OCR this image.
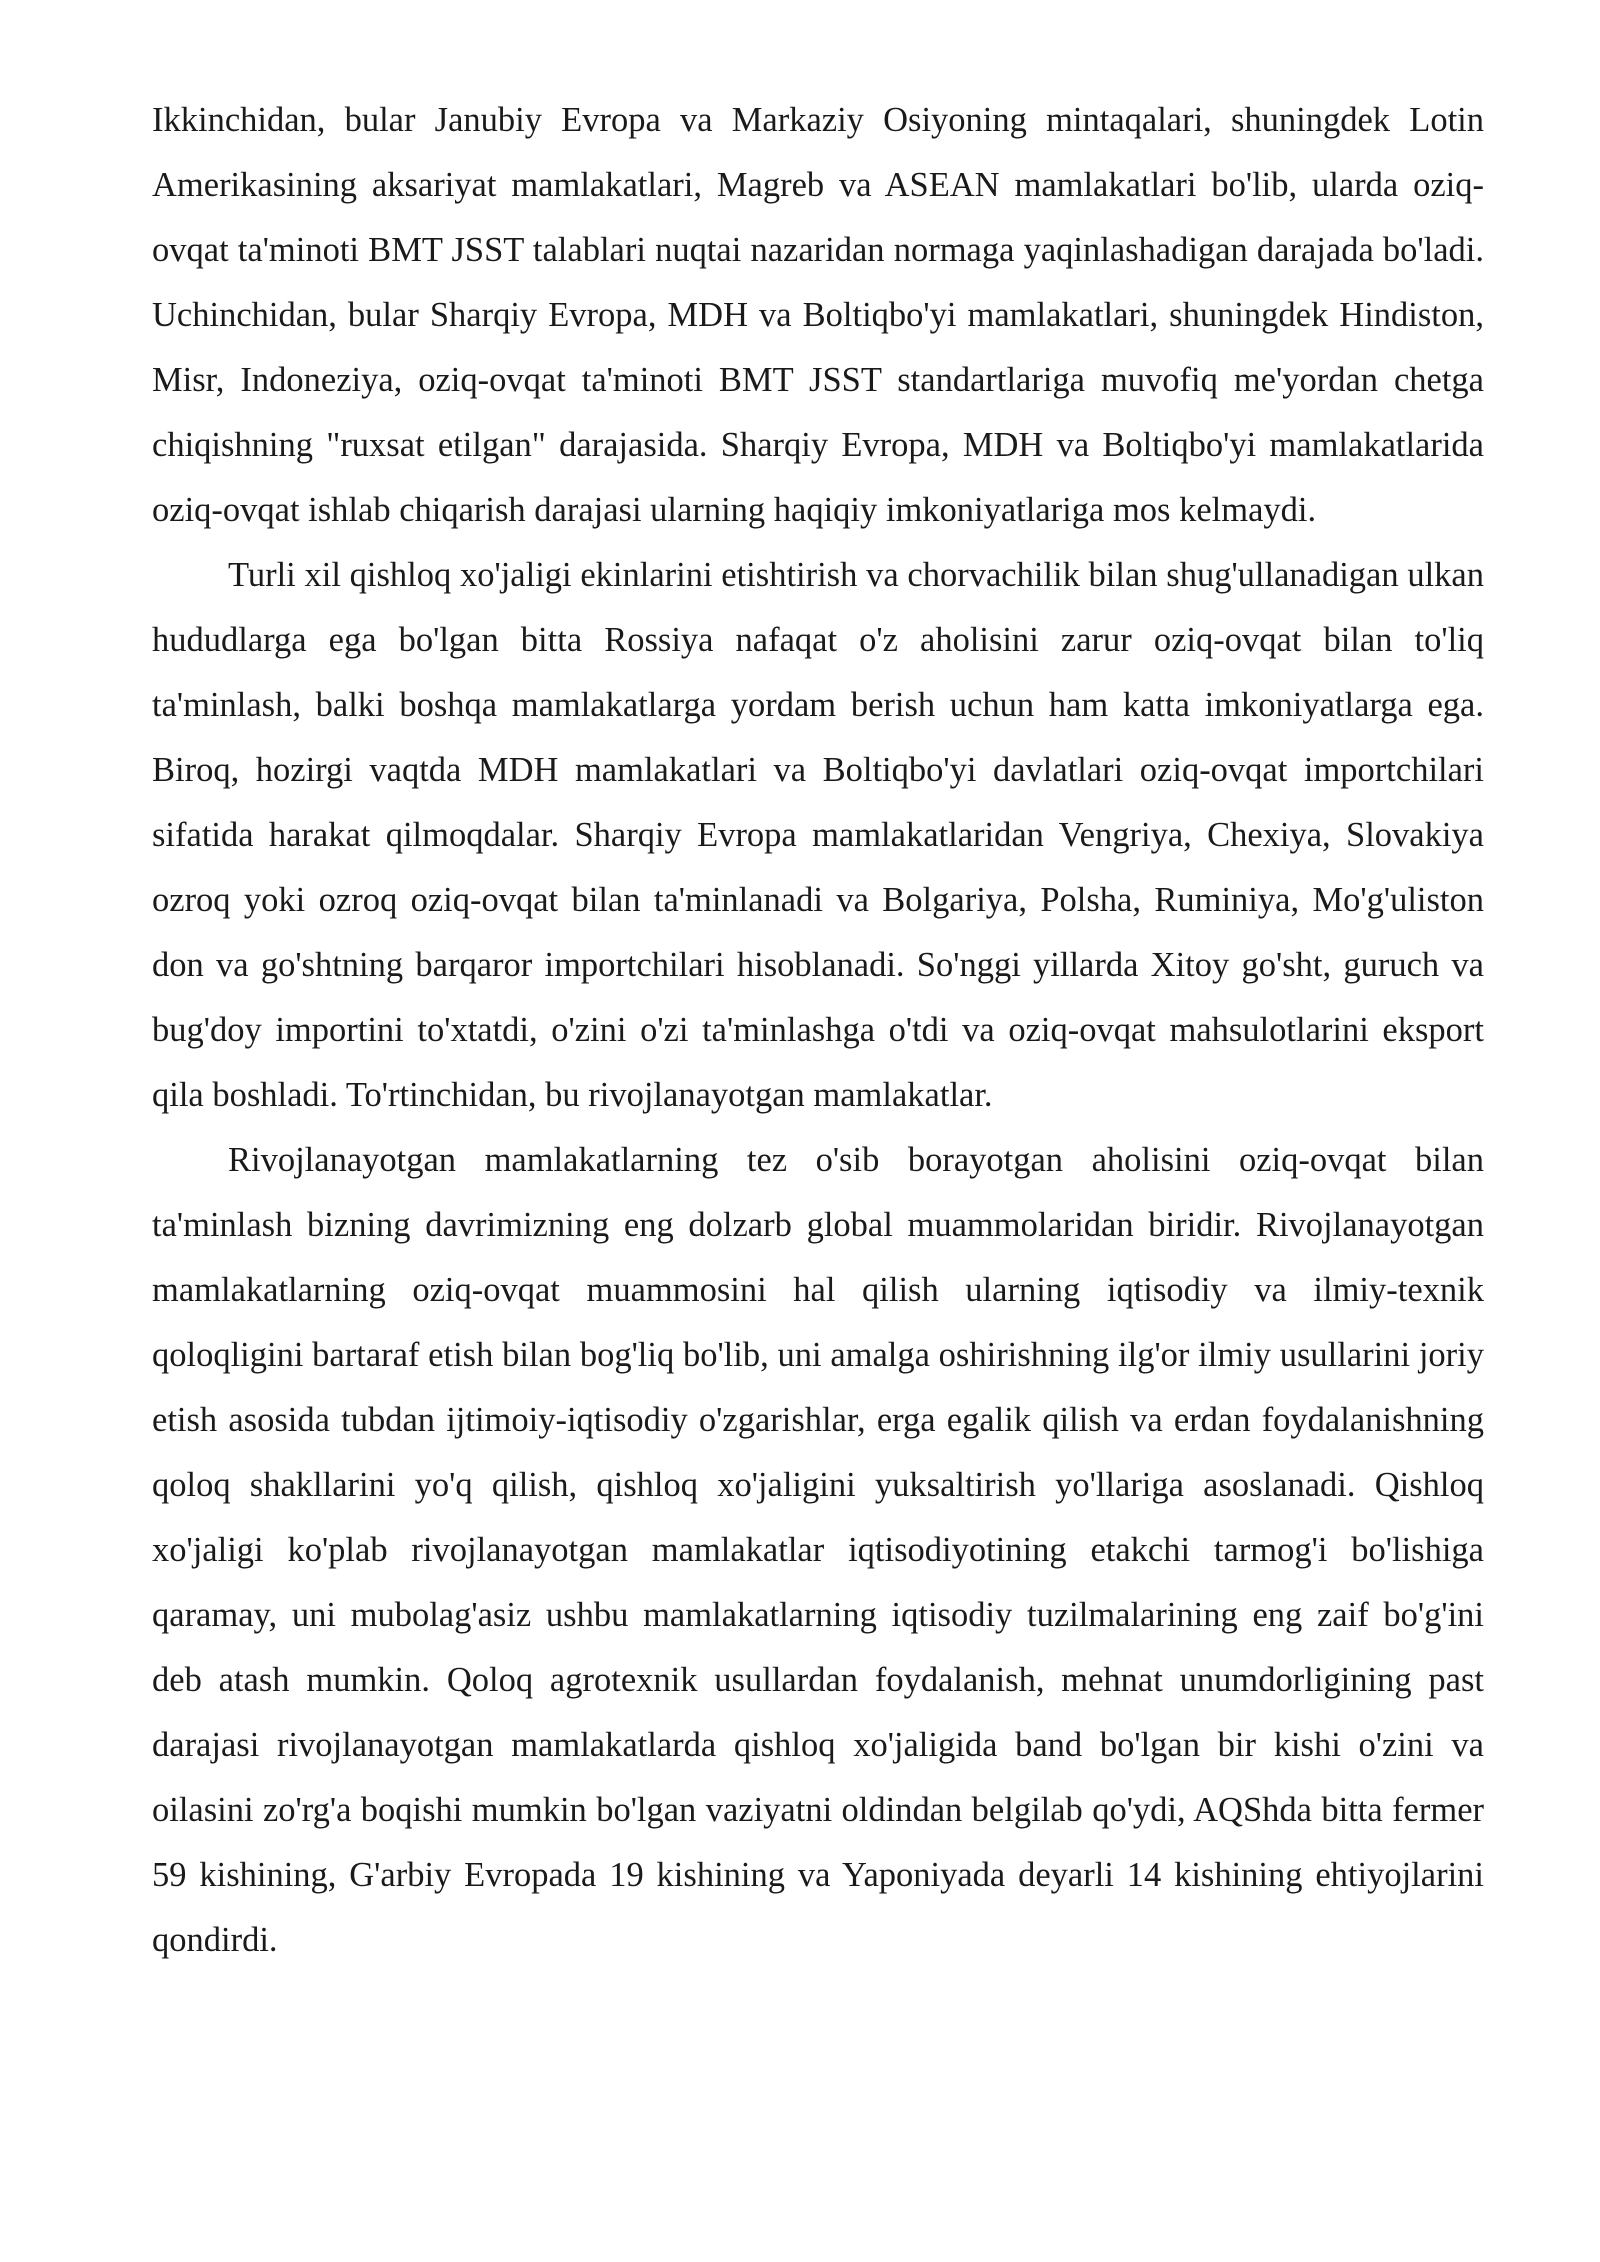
Ikkinchidan, bular Janubiy Evropa va Markaziy Osiyoning mintaqalari, shuningdek Lotin Amerikasining aksariyat mamlakatlari, Magreb va ASEAN mamlakatlari bo'lib, ularda oziq-ovqat ta'minoti BMT JSST talablari nuqtai nazaridan normaga yaqinlashadigan darajada bo'ladi. Uchinchidan, bular Sharqiy Evropa, MDH va Boltiqbo'yi mamlakatlari, shuningdek Hindiston, Misr, Indoneziya, oziq-ovqat ta'minoti BMT JSST standartlariga muvofiq me'yordan chetga chiqishning "ruxsat etilgan" darajasida. Sharqiy Evropa, MDH va Boltiqbo'yi mamlakatlarida oziq-ovqat ishlab chiqarish darajasi ularning haqiqiy imkoniyatlariga mos kelmaydi.

Turli xil qishloq xo'jaligi ekinlarini etishtirish va chorvachilik bilan shug'ullanadigan ulkan hududlarga ega bo'lgan bitta Rossiya nafaqat o'z aholisini zarur oziq-ovqat bilan to'liq ta'minlash, balki boshqa mamlakatlarga yordam berish uchun ham katta imkoniyatlarga ega. Biroq, hozirgi vaqtda MDH mamlakatlari va Boltiqbo'yi davlatlari oziq-ovqat importchilari sifatida harakat qilmoqdalar. Sharqiy Evropa mamlakatlaridan Vengriya, Chexiya, Slovakiya ozroq yoki ozroq oziq-ovqat bilan ta'minlanadi va Bolgariya, Polsha, Ruminiya, Mo'g'uliston don va go'shtning barqaror importchilari hisoblanadi. So'nggi yillarda Xitoy go'sht, guruch va bug'doy importini to'xtatdi, o'zini o'zi ta'minlashga o'tdi va oziq-ovqat mahsulotlarini eksport qila boshladi. To'rtinchidan, bu rivojlanayotgan mamlakatlar.

Rivojlanayotgan mamlakatlarning tez o'sib borayotgan aholisini oziq-ovqat bilan ta'minlash bizning davrimizning eng dolzarb global muammolaridan biridir. Rivojlanayotgan mamlakatlarning oziq-ovqat muammosini hal qilish ularning iqtisodiy va ilmiy-texnik qoloqligini bartaraf etish bilan bog'liq bo'lib, uni amalga oshirishning ilg'or ilmiy usullarini joriy etish asosida tubdan ijtimoiy-iqtisodiy o'zgarishlar, erga egalik qilish va erdan foydalanishning qoloq shakllarini yo'q qilish, qishloq xo'jaligini yuksaltirish yo'llariga asoslanadi. Qishloq xo'jaligi ko'plab rivojlanayotgan mamlakatlar iqtisodiyotining etakchi tarmog'i bo'lishiga qaramay, uni mubolag'asiz ushbu mamlakatlarning iqtisodiy tuzilmalarining eng zaif bo'g'ini deb atash mumkin. Qoloq agrotexnik usullardan foydalanish, mehnat unumdorligining past darajasi rivojlanayotgan mamlakatlarda qishloq xo'jaligida band bo'lgan bir kishi o'zini va oilasini zo'rg'a boqishi mumkin bo'lgan vaziyatni oldindan belgilab qo'ydi, AQShda bitta fermer 59 kishining, G'arbiy Evropada 19 kishining va Yaponiyada deyarli 14 kishining ehtiyojlarini qondirdi.
